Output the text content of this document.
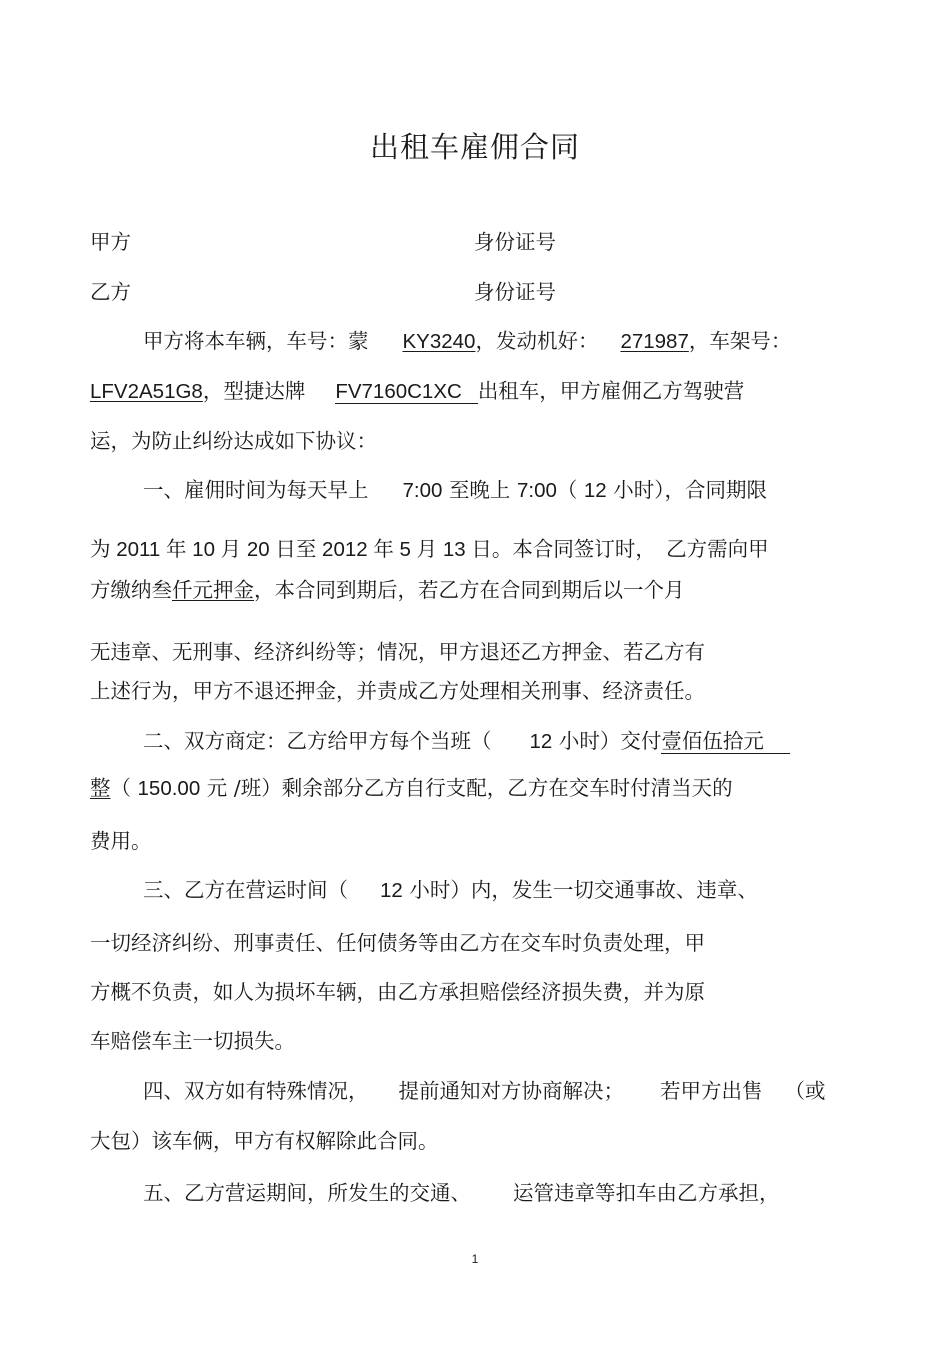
出租车雇佣合同
甲方	身份证号
乙方	身份证号
甲方将本车辆，车号：蒙 KY3240，发动机好： 271987，车架号：
LFV2A51G8，型捷达牌 FV7160C1XC 出租车，甲方雇佣乙方驾驶营
运，为防止纠纷达成如下协议：
一、雇佣时间为每天早上 7:00 至晚上 7:00（ 12 小时），合同期限
为 2011 年 10 月 20 日至 2012 年 5 月 13 日。本合同签订时，　乙方需向甲
方缴纳叁仟元押金，本合同到期后，若乙方在合同到期后以一个月
无违章、无刑事、经济纠纷等；情况，甲方退还乙方押金、若乙方有
上述行为，甲方不退还押金，并责成乙方处理相关刑事、经济责任。
二、双方商定：乙方给甲方每个当班（ 12 小时）交付壹佰伍拾元
整（ 150.00 元 /班）剩余部分乙方自行支配，乙方在交车时付清当天的
费用。
三、乙方在营运时间（ 12 小时）内，发生一切交通事故、违章、
一切经济纠纷、刑事责任、任何债务等由乙方在交车时负责处理，甲
方概不负责，如人为损坏车辆，由乙方承担赔偿经济损失费，并为原
车赔偿车主一切损失。
四、双方如有特殊情况， 提前通知对方协商解决； 若甲方出售 （或
大包）该车俩，甲方有权解除此合同。
五、乙方营运期间，所发生的交通、 运管违章等扣车由乙方承担，
1
